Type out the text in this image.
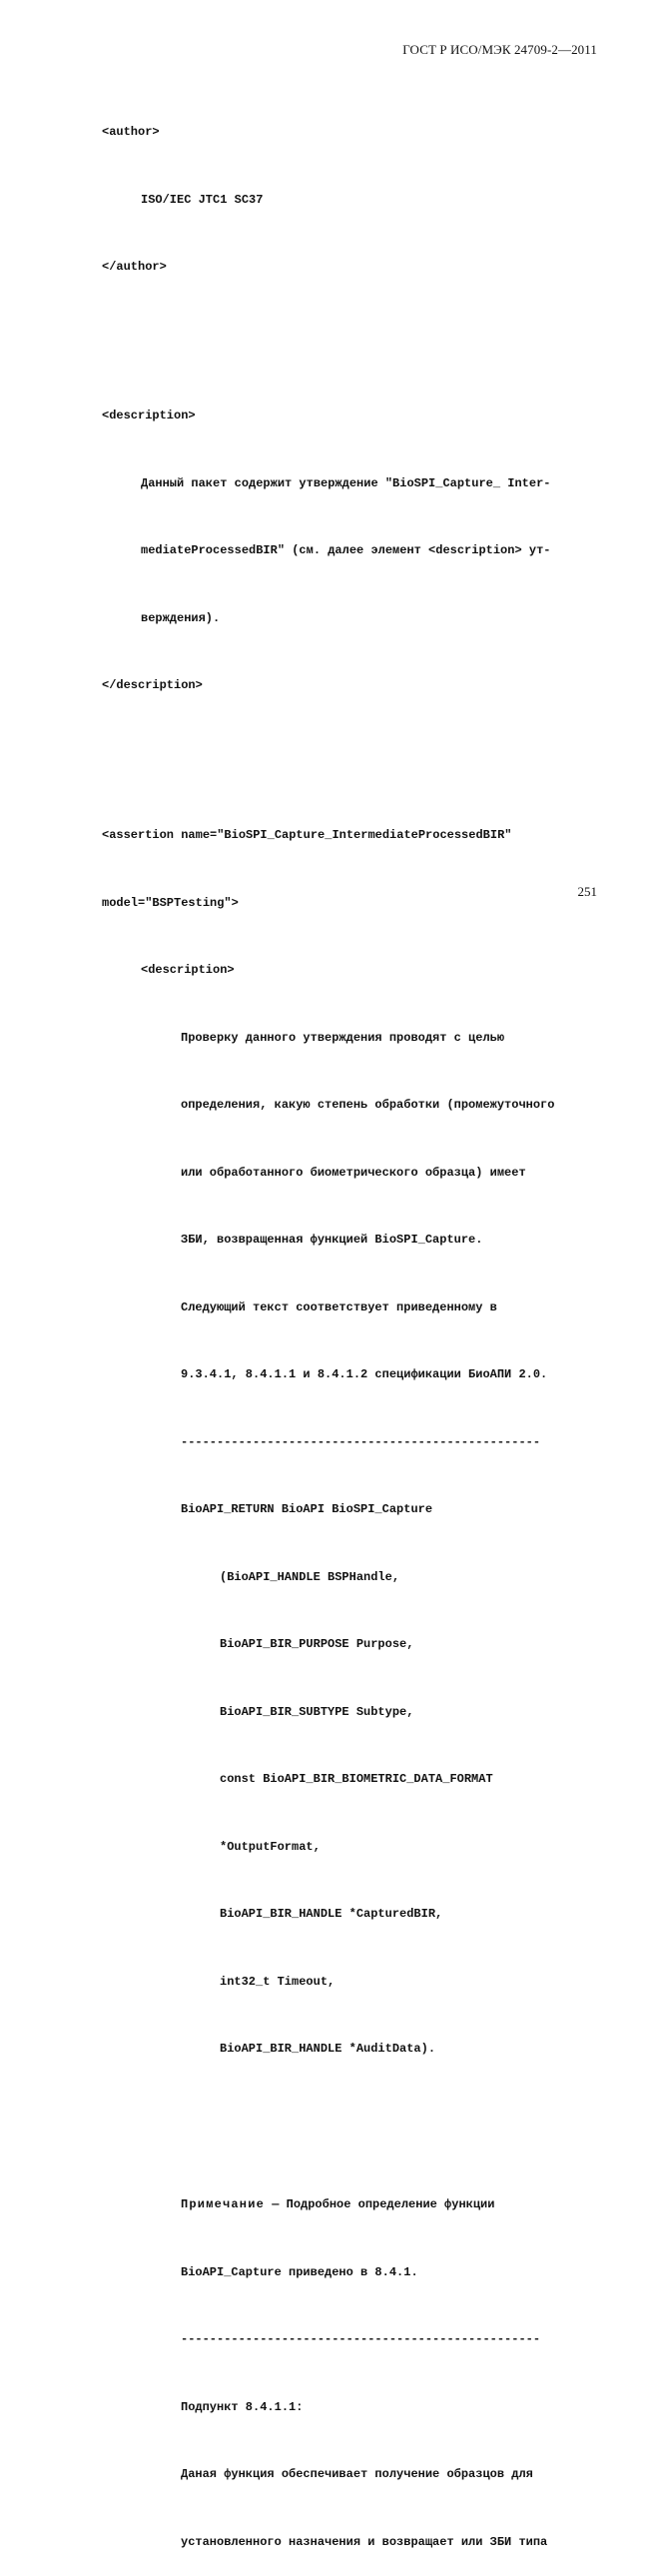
ГОСТ Р ИСО/МЭК 24709-2—2011

<author>

ISO/IEC JTC1 SC37

</author>

<description>

Данный пакет содержит утверждение "BioSPI_Capture_ Inter-

mediateProcessedBIR" (см. далее элемент <description> ут-

верждения).

</description>

<assertion name="BioSPI_Capture_IntermediateProcessedBIR"

model="BSPTesting">

<description>

Проверку данного утверждения проводят с целью

определения, какую степень обработки (промежуточного

или обработанного биометрического образца) имеет

ЗБИ, возвращенная функцией BioSPI_Capture.

Следующий текст соответствует приведенному в

9.3.4.1, 8.4.1.1 и 8.4.1.2 спецификации БиоАПИ 2.0.

--------------------------------------------------

BioAPI_RETURN BioAPI BioSPI_Capture

(BioAPI_HANDLE BSPHandle,

BioAPI_BIR_PURPOSE Purpose,

BioAPI_BIR_SUBTYPE Subtype,

const BioAPI_BIR_BIOMETRIC_DATA_FORMAT

*OutputFormat,

BioAPI_BIR_HANDLE *CapturedBIR,

int32_t Timeout,

BioAPI_BIR_HANDLE *AuditData).

Примечание — Подробное определение функции

BioAPI_Capture приведено в 8.4.1.

--------------------------------------------------

Подпункт 8.4.1.1:

Даная функция обеспечивает получение образцов для

установленного назначения и возвращает или ЗБИ типа

251
